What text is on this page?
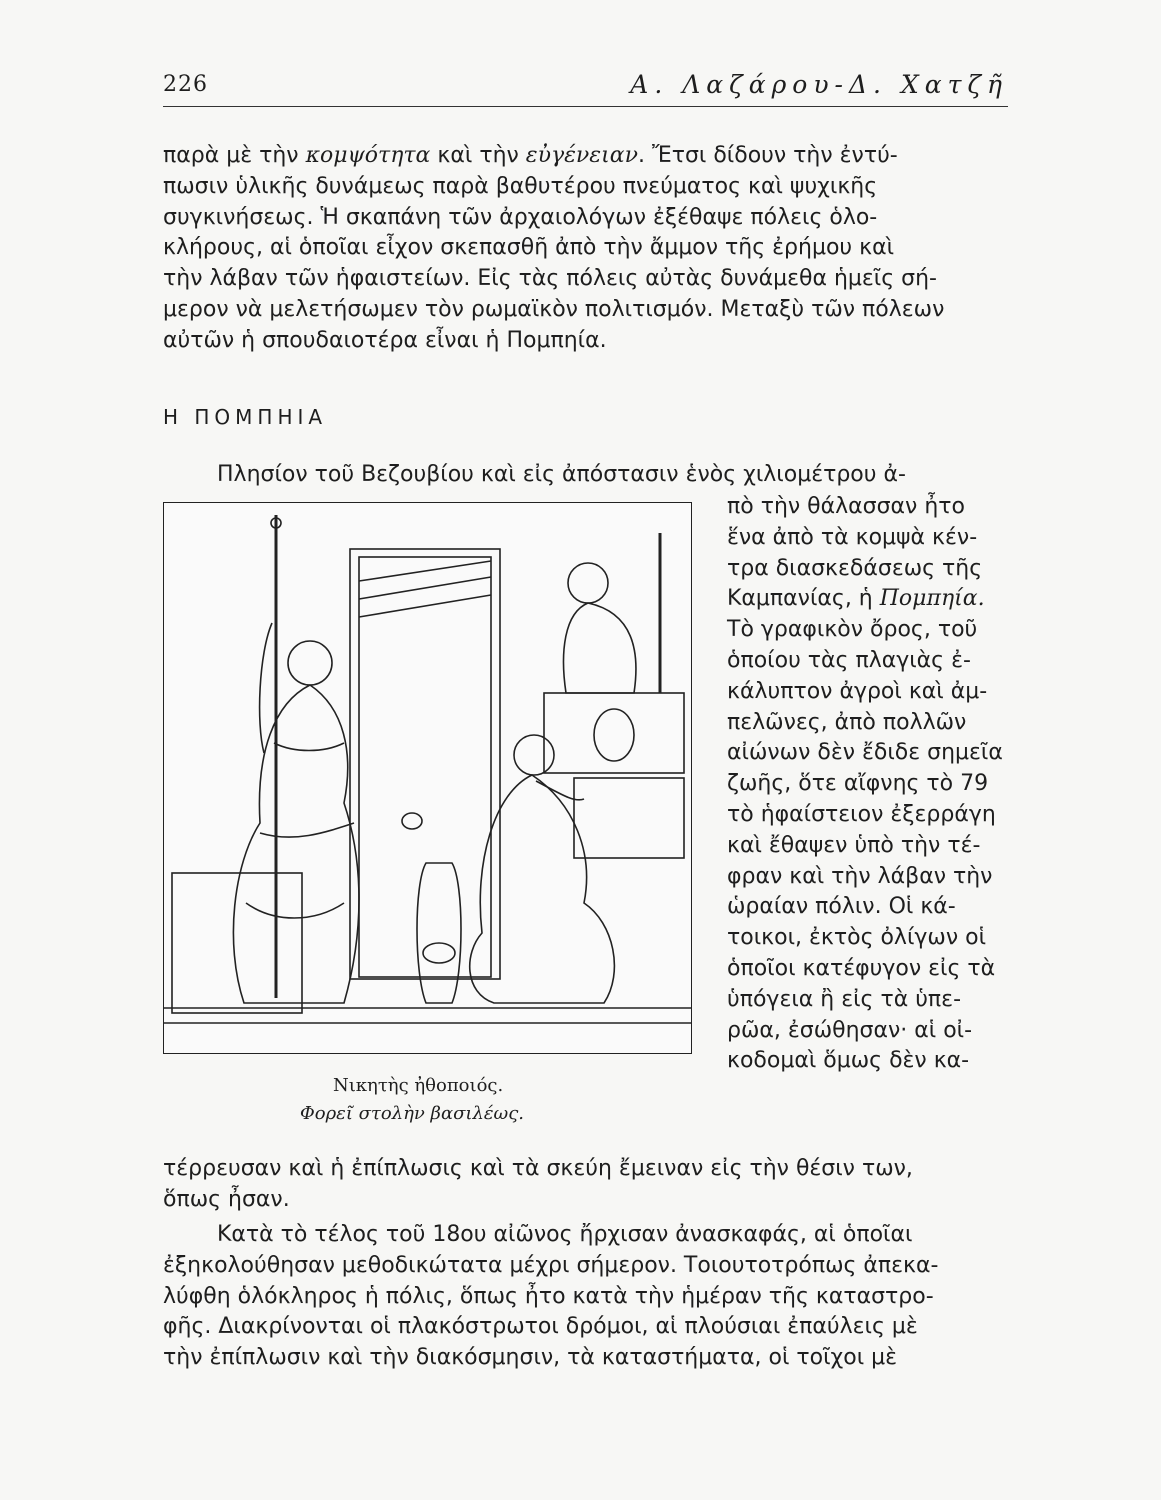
226	Α. Λαζάρου-Δ. Χατζῆ

παρὰ μὲ τὴν κομψότητα καὶ τὴν εὐγένειαν. Ἔτσι δίδουν τὴν ἐντύ-
πωσιν ὑλικῆς δυνάμεως παρὰ βαθυτέρου πνεύματος καὶ ψυχικῆς
συγκινήσεως. Ἡ σκαπάνη τῶν ἀρχαιολόγων ἐξέθαψε πόλεις ὁλο-
κλήρους, αἱ ὁποῖαι εἶχον σκεπασθῆ ἀπὸ τὴν ἄμμον τῆς ἐρήμου καὶ
τὴν λάβαν τῶν ἡφαιστείων. Εἰς τὰς πόλεις αὐτὰς δυνάμεθα ἡμεῖς σή-
μερον νὰ μελετήσωμεν τὸν ρωμαϊκὸν πολιτισμόν. Μεταξὺ τῶν πόλεων
αὐτῶν ἡ σπουδαιοτέρα εἶναι ἡ Πομπηία.

Η ΠΟΜΠΗΙΑ
Πλησίον τοῦ Βεζουβίου καὶ εἰς ἀπόστασιν ἑνὸς χιλιομέτρου ἀ-
Νικητὴς ἠθοποιός.
Φορεῖ στολὴν βασιλέως.
πὸ τὴν θάλασσαν ἦτο
ἕνα ἀπὸ τὰ κομψὰ κέν-
τρα διασκεδάσεως τῆς
Καμπανίας, ἡ Πομπηία.
Τὸ γραφικὸν ὄρος, τοῦ
ὁποίου τὰς πλαγιὰς ἐ-
κάλυπτον ἀγροὶ καὶ ἀμ-
πελῶνες, ἀπὸ πολλῶν
αἰώνων δὲν ἔδιδε σημεῖα
ζωῆς, ὅτε αἴφνης τὸ 79
τὸ ἡφαίστειον ἐξερράγη
καὶ ἔθαψεν ὑπὸ τὴν τέ-
φραν καὶ τὴν λάβαν τὴν
ὡραίαν πόλιν. Οἱ κά-
τοικοι, ἐκτὸς ὀλίγων οἱ
ὁποῖοι κατέφυγον εἰς τὰ
ὑπόγεια ἢ εἰς τὰ ὑπε-
ρῶα, ἐσώθησαν· αἱ οἰ-
κοδομαὶ ὅμως δὲν κα-
τέρρευσαν καὶ ἡ ἐπίπλωσις καὶ τὰ σκεύη ἔμειναν εἰς τὴν θέσιν των,
ὅπως ἦσαν.

Κατὰ τὸ τέλος τοῦ 18ου αἰῶνος ἤρχισαν ἀνασκαφάς, αἱ ὁποῖαι
ἐξηκολούθησαν μεθοδικώτατα μέχρι σήμερον. Τοιουτοτρόπως ἀπεκα-
λύφθη ὁλόκληρος ἡ πόλις, ὅπως ἦτο κατὰ τὴν ἡμέραν τῆς καταστρο-
φῆς. Διακρίνονται οἱ πλακόστρωτοι δρόμοι, αἱ πλούσιαι ἐπαύλεις μὲ
τὴν ἐπίπλωσιν καὶ τὴν διακόσμησιν, τὰ καταστήματα, οἱ τοῖχοι μὲ
